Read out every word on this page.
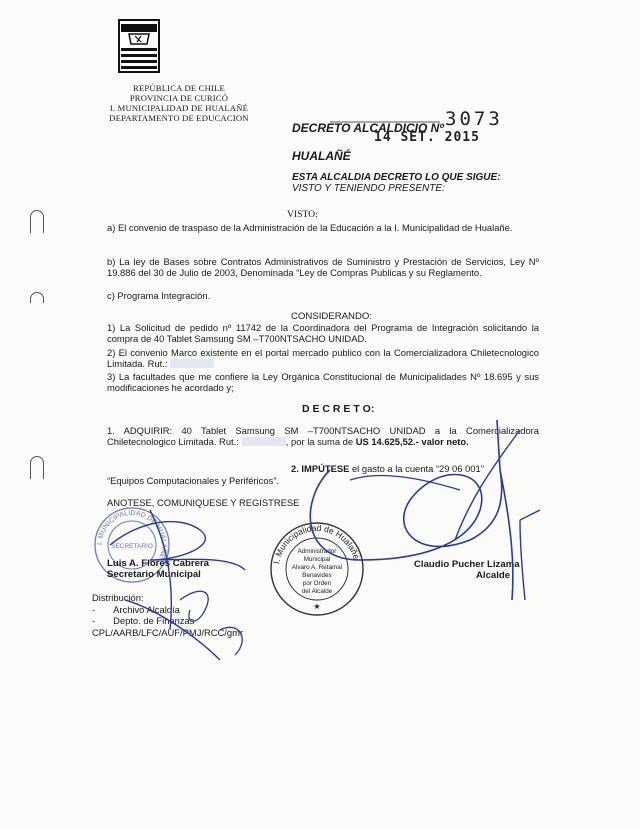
REPÚBLICA DE CHILE
PROVINCIA DE CURICÓ
I. MUNICIPALIDAD DE HUALAÑÉ
DEPARTAMENTO DE EDUCACION
DECRETO ALCALDICIO Nº 3073
14 SET. 2015
HUALAÑÉ
ESTA ALCALDIA DECRETO LO QUE SIGUE:
VISTO Y TENIENDO PRESENTE:
VISTO:
a) El convenio de traspaso de la Administración de la Educación a la I. Municipalidad de Hualañe.
b) La ley de Bases sobre Contratos Administrativos de Suministro y Prestación de Servicios, Ley Nº 19.886 del 30 de Julio de 2003, Denominada “Ley de Compras Publicas y su Reglamento.
c) Programa Integración.
CONSIDERANDO:
1) La Solicitud de pedido nº 11742 de la Coordinadora del Programa de Integración solicitando la compra de 40 Tablet Samsung SM –T700NTSACHO UNIDAD.
2) El convenio Marco existente en el portal mercado publico con la Comercializadora Chiletecnologico Limitada. Rut.:
3) La facultades que me confiere la Ley Orgánica Constitucional de Municipalidades Nº 18.695 y sus modificaciones he acordado y;
D E C R E T O:
1. ADQUIRIR: 40 Tablet Samsung SM –T700NTSACHO UNIDAD a la Comercializadora Chiletecnologico Limitada. Rut.:	, por la suma de US 14.625,52.- valor neto.
2. IMPÚTESE el gasto a la cuenta “29 06 001”
“Equipos Computacionales y Periféricos”.
ANOTESE, COMUNIQUESE Y REGISTRESE
I. MUNICIPALIDAD DE HUALAÑE
SECRETARIO
I. Municipalidad de Hualañé
Administrador
Municipal
Alvaro A. Retamal
Benavides
por Orden
del Alcalde
★
Luis A. Flores Cabrera
Secretario Municipal
Claudio Pucher Lizama
Alcalde
Distribución:
- Archivo Alcaldía
- Depto. de Finanzas
CPL/AARB/LFC/AUF/PMJ/RCC/gmr
